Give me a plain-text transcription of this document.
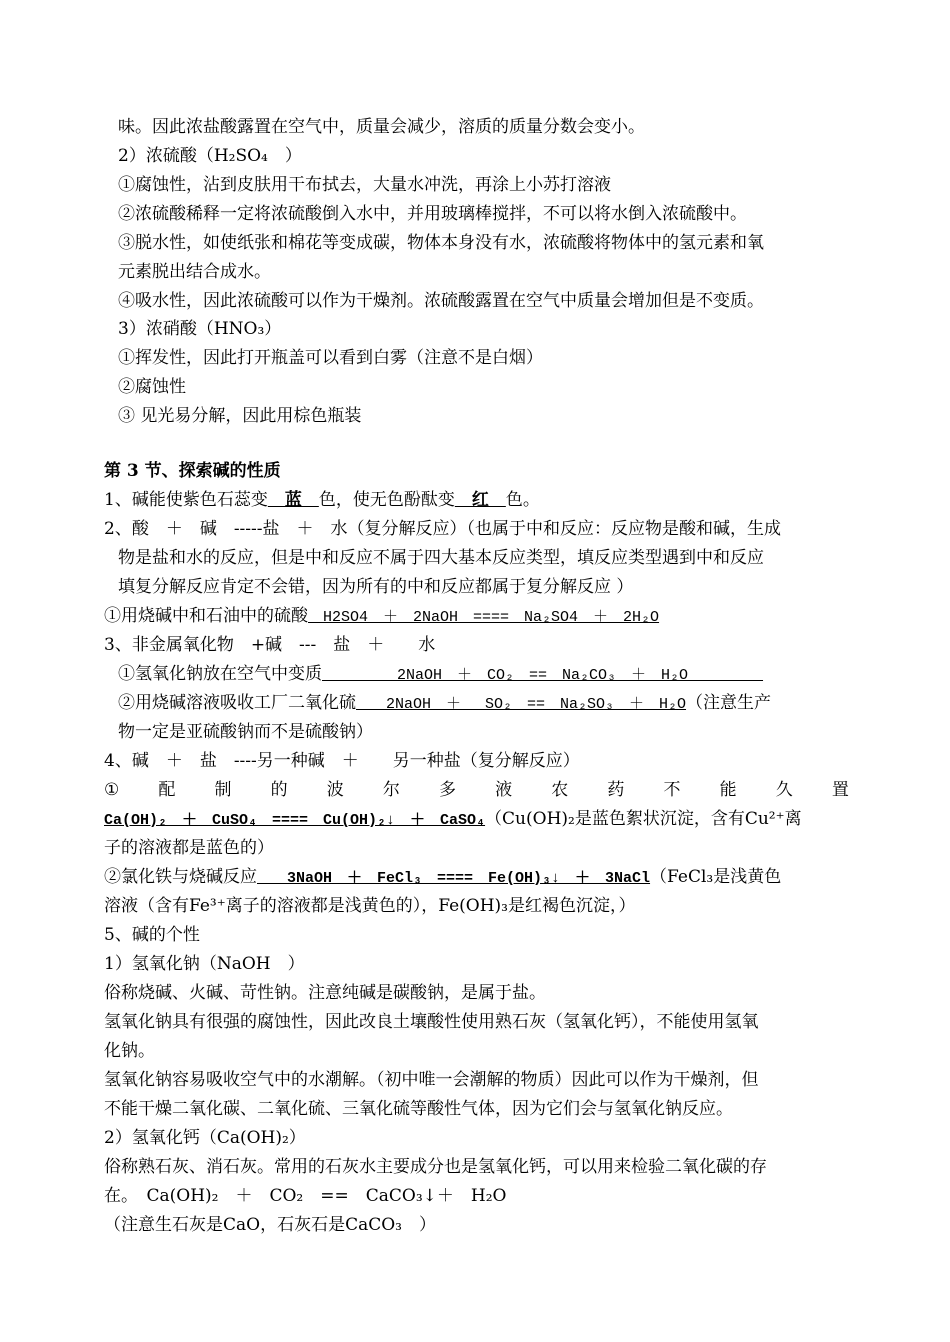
味。因此浓盐酸露置在空气中，质量会减少，溶质的质量分数会变小。
2）浓硫酸（H₂SO₄　）
①腐蚀性，沾到皮肤用干布拭去，大量水冲洗，再涂上小苏打溶液
②浓硫酸稀释一定将浓硫酸倒入水中，并用玻璃棒搅拌，不可以将水倒入浓硫酸中。
③脱水性，如使纸张和棉花等变成碳，物体本身没有水，浓硫酸将物体中的氢元素和氧
元素脱出结合成水。
④吸水性，因此浓硫酸可以作为干燥剂。浓硫酸露置在空气中质量会增加但是不变质。
3）浓硝酸（HNO₃）
①挥发性，因此打开瓶盖可以看到白雾（注意不是白烟）
②腐蚀性
③ 见光易分解，因此用棕色瓶装
第 3 节、探索碱的性质
1、碱能使紫色石蕊变　蓝　色，使无色酚酞变　红　色。
2、酸　＋　碱　-----盐　＋　水（复分解反应）（也属于中和反应：反应物是酸和碱，生成
物是盐和水的反应，但是中和反应不属于四大基本反应类型，填反应类型遇到中和反应
填复分解反应肯定不会错，因为所有的中和反应都属于复分解反应 ）
①用烧碱中和石油中的硫酸　H2SO4　＋　2NaOH　====　Na₂SO4　＋　2H₂O
3、非金属氧化物　+碱　---　盐　＋　　水
①氢氧化钠放在空气中变质　　　　　2NaOH　＋　CO₂　==　Na₂CO₃　＋　H₂O　　　　　
②用烧碱溶液吸收工厂二氧化硫　　2NaOH　＋　 SO₂　==　Na₂SO₃　＋　H₂O（注意生产
物一定是亚硫酸钠而不是硫酸钠）
4、碱　＋　盐　----另一种碱　＋　　另一种盐（复分解反应）
① 配 制 的 波 尔 多 液 农 药 不 能 久 置
Ca(OH)₂　＋　CuSO₄　====　Cu(OH)₂↓　＋　CaSO₄（Cu(OH)₂是蓝色絮状沉淀，含有Cu²⁺离
子的溶液都是蓝色的）
②氯化铁与烧碱反应　　3NaOH　＋　FeCl₃　====　Fe(OH)₃↓　＋　3NaCl（FeCl₃是浅黄色
溶液（含有Fe³⁺离子的溶液都是浅黄色的），Fe(OH)₃是红褐色沉淀，）
5、碱的个性
1）氢氧化钠（NaOH　）
俗称烧碱、火碱、苛性钠。注意纯碱是碳酸钠，是属于盐。
氢氧化钠具有很强的腐蚀性，因此改良土壤酸性使用熟石灰（氢氧化钙），不能使用氢氧
化钠。
氢氧化钠容易吸收空气中的水潮解。（初中唯一会潮解的物质）因此可以作为干燥剂，但
不能干燥二氧化碳、二氧化硫、三氧化硫等酸性气体，因为它们会与氢氧化钠反应。
2）氢氧化钙（Ca(OH)₂）
俗称熟石灰、消石灰。常用的石灰水主要成分也是氢氧化钙，可以用来检验二氧化碳的存
在。　Ca(OH)₂　＋　CO₂　==　CaCO₃↓＋　H₂O
（注意生石灰是CaO，石灰石是CaCO₃　）
